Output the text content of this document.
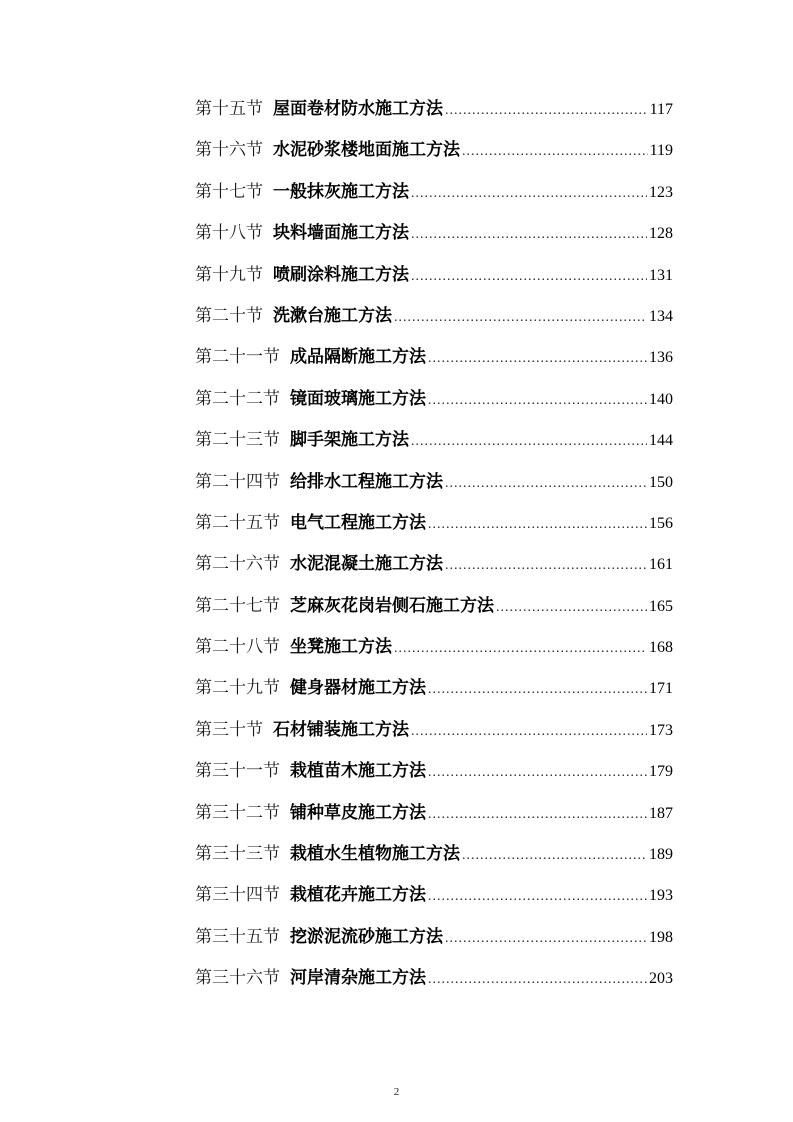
第十五节 屋面卷材防水施工方法 .....	117
第十六节 水泥砂浆楼地面施工方法 .....	119
第十七节 一般抹灰施工方法 .....	123
第十八节 块料墙面施工方法 .....	128
第十九节 喷刷涂料施工方法 .....	131
第二十节 洗漱台施工方法 .....	134
第二十一节 成品隔断施工方法 .....	136
第二十二节 镜面玻璃施工方法 .....	140
第二十三节 脚手架施工方法 .....	144
第二十四节 给排水工程施工方法 .....	150
第二十五节 电气工程施工方法 .....	156
第二十六节 水泥混凝土施工方法 .....	161
第二十七节 芝麻灰花岗岩侧石施工方法 .....	165
第二十八节 坐凳施工方法 .....	168
第二十九节 健身器材施工方法 .....	171
第三十节 石材铺装施工方法 .....	173
第三十一节 栽植苗木施工方法 .....	179
第三十二节 铺种草皮施工方法 .....	187
第三十三节 栽植水生植物施工方法 .....	189
第三十四节 栽植花卉施工方法 .....	193
第三十五节 挖淤泥流砂施工方法 .....	198
第三十六节 河岸清杂施工方法 .....	203
2
